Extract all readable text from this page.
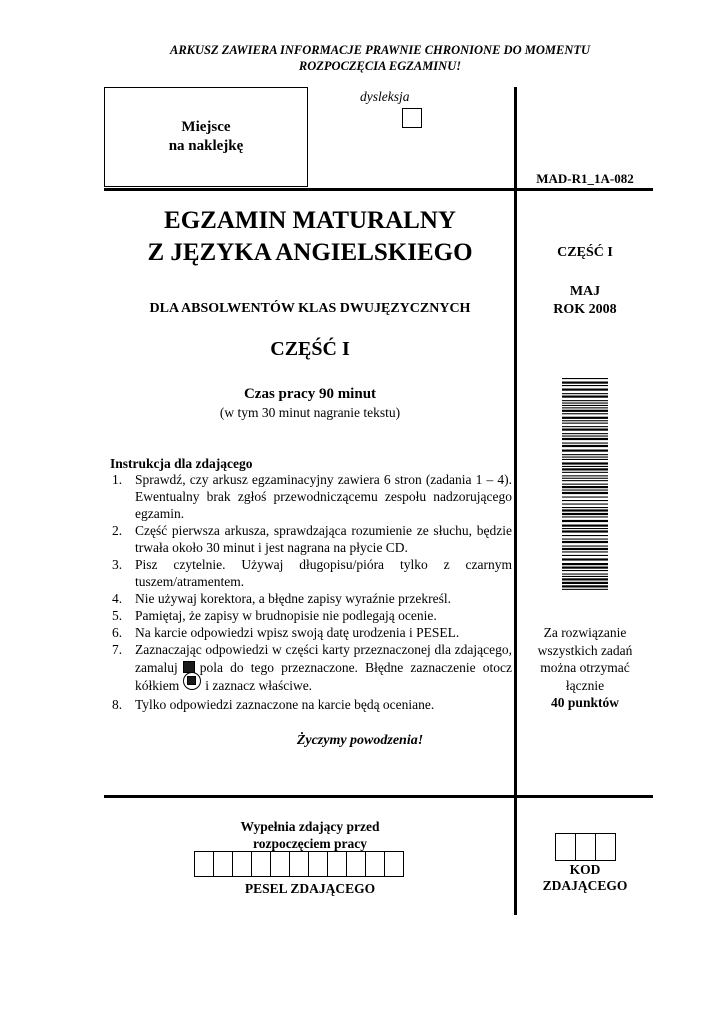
ARKUSZ ZAWIERA INFORMACJE PRAWNIE CHRONIONE DO MOMENTU
ROZPOCZĘCIA EGZAMINU!
Miejsce
na naklejkę
dysleksja
MAD-R1_1A-082
EGZAMIN MATURALNY
Z JĘZYKA ANGIELSKIEGO
DLA ABSOLWENTÓW KLAS DWUJĘZYCZNYCH
CZĘŚĆ I
Czas pracy 90 minut
(w tym 30 minut nagranie tekstu)
CZĘŚĆ I
MAJ
ROK 2008
Za rozwiązanie
wszystkich zadań
można otrzymać
łącznie
40 punktów
Instrukcja dla zdającego
1. Sprawdź, czy arkusz egzaminacyjny zawiera 6 stron (zadania 1 – 4). Ewentualny brak zgłoś przewodniczącemu zespołu nadzorującego egzamin.
2. Część pierwsza arkusza, sprawdzająca rozumienie ze słuchu, będzie trwała około 30 minut i jest nagrana na płycie CD.
3. Pisz czytelnie. Używaj długopisu/pióra tylko z czarnym tuszem/atramentem.
4. Nie używaj korektora, a błędne zapisy wyraźnie przekreśl.
5. Pamiętaj, że zapisy w brudnopisie nie podlegają ocenie.
6. Na karcie odpowiedzi wpisz swoją datę urodzenia i PESEL.
7. Zaznaczając odpowiedzi w części karty przeznaczonej dla zdającego, zamaluj pola do tego przeznaczone. Błędne zaznaczenie otocz kółkiem i zaznacz właściwe.
8. Tylko odpowiedzi zaznaczone na karcie będą oceniane.
Życzymy powodzenia!
Wypełnia zdający przed
rozpoczęciem pracy
PESEL ZDAJĄCEGO
KOD
ZDAJĄCEGO
